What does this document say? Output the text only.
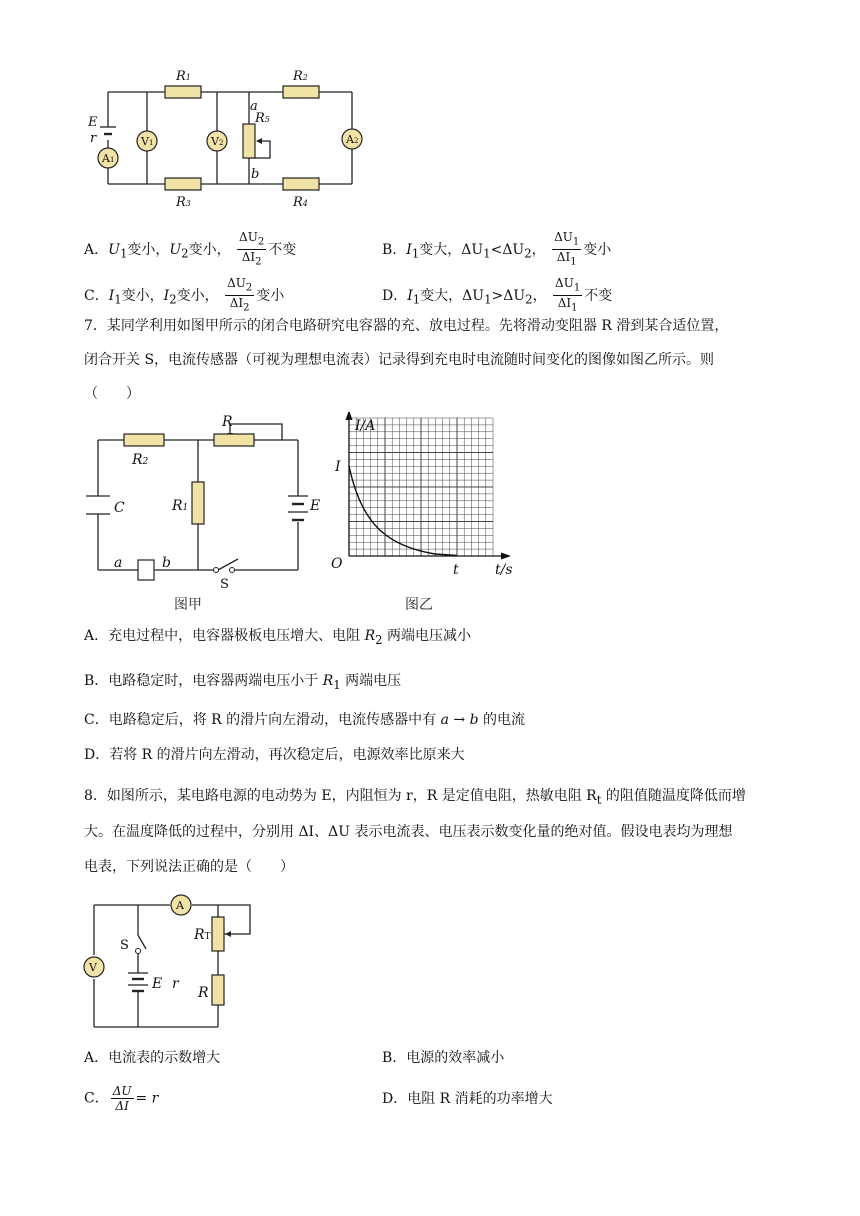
A1
V1	V2	A2
R1	R2
R3	R4
R5
a
b
E
r
A．$U_1$变小，$U_2$变小， $\frac{\Delta U_2}{\Delta I_2}$ 不变	B．$I_1$变大，$\Delta U_1<\Delta U_2$， $\frac{\Delta U_1}{\Delta I_1}$ 变小
C．$I_1$变小，$I_2$变小， $\frac{\Delta U_2}{\Delta I_2}$ 变小	D．$I_1$变大，$\Delta U_1>\Delta U_2$， $\frac{\Delta U_1}{\Delta I_1}$ 不变
7．某同学利用如图甲所示的闭合电路研究电容器的充、放电过程。先将滑动变阻器 R 滑到某合适位置，
闭合开关 S，电流传感器（可视为理想电流表）记录得到充电时电流随时间变化的图像如图乙所示。则
（　　）
R
R2
R1
C	E
a	b
S
图甲
I/A
I
O	t	t/s
图乙
A．充电过程中，电容器极板电压增大、电阻 $R_2$ 两端电压减小
B．电路稳定时，电容器两端电压小于 $R_1$ 两端电压
C．电路稳定后，将 R 的滑片向左滑动，电流传感器中有 a → b 的电流
D．若将 R 的滑片向左滑动，再次稳定后，电源效率比原来大
8．如图所示，某电路电源的电动势为 E，内阻恒为 r，R 是定值电阻，热敏电阻 $R_t$ 的阻值随温度降低而增
大。在温度降低的过程中，分别用 ΔI、ΔU 表示电流表、电压表示数变化量的绝对值。假设电表均为理想
电表，下列说法正确的是（　　）
A
V
S
E r
RT
R
A．电流表的示数增大	B．电源的效率减小
C． $\frac{\Delta U}{\Delta I} = r$	D．电阻 R 消耗的功率增大
